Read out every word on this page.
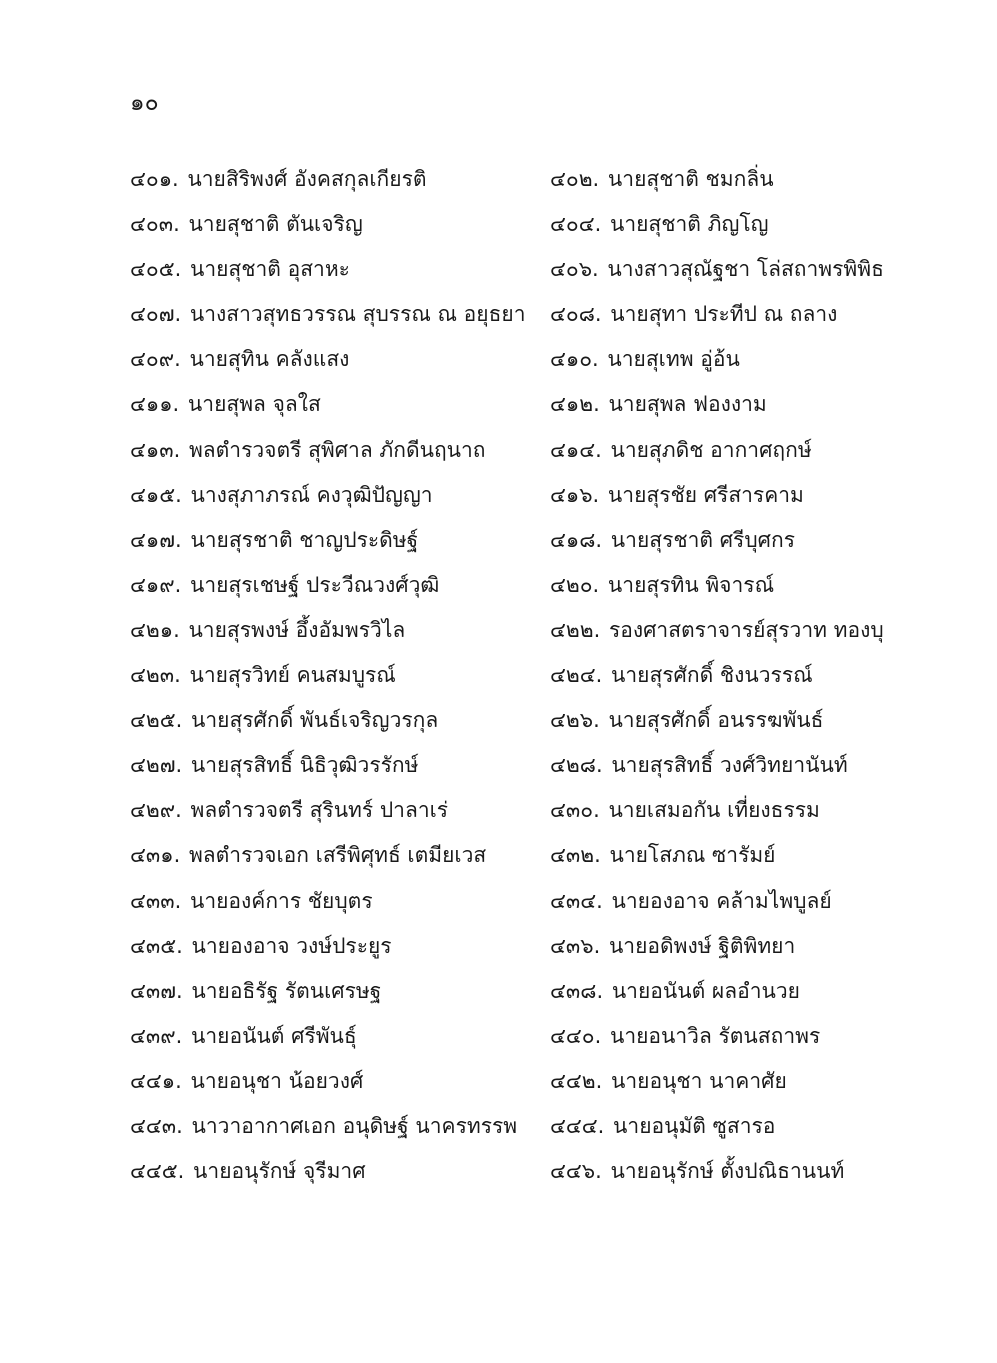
๑๐
๔๐๑. นายสิริพงศ์ อังคสกุลเกียรติ	๔๐๒. นายสุชาติ ชมกลิ่น
๔๐๓. นายสุชาติ ตันเจริญ	๔๐๔. นายสุชาติ ภิญโญ
๔๐๕. นายสุชาติ อุสาหะ	๔๐๖. นางสาวสุณัฐชา โล่สถาพรพิพิธ
๔๐๗. นางสาวสุทธวรรณ สุบรรณ ณ อยุธยา	๔๐๘. นายสุทา ประทีป ณ ถลาง
๔๐๙. นายสุทิน คลังแสง	๔๑๐. นายสุเทพ อู่อ้น
๔๑๑. นายสุพล จุลใส	๔๑๒. นายสุพล ฟองงาม
๔๑๓. พลตำรวจตรี สุพิศาล ภักดีนฤนาถ	๔๑๔. นายสุภดิช อากาศฤกษ์
๔๑๕. นางสุภาภรณ์ คงวุฒิปัญญา	๔๑๖. นายสุรชัย ศรีสารคาม
๔๑๗. นายสุรชาติ ชาญประดิษฐ์	๔๑๘. นายสุรชาติ ศรีบุศกร
๔๑๙. นายสุรเชษฐ์ ประวีณวงศ์วุฒิ	๔๒๐. นายสุรทิน พิจารณ์
๔๒๑. นายสุรพงษ์ อึ้งอัมพรวิไล	๔๒๒. รองศาสตราจารย์สุรวาท ทองบุ
๔๒๓. นายสุรวิทย์ คนสมบูรณ์	๔๒๔. นายสุรศักดิ์ ชิงนวรรณ์
๔๒๕. นายสุรศักดิ์ พันธ์เจริญวรกุล	๔๒๖. นายสุรศักดิ์ อนรรฆพันธ์
๔๒๗. นายสุรสิทธิ์ นิธิวุฒิวรรักษ์	๔๒๘. นายสุรสิทธิ์ วงศ์วิทยานันท์
๔๒๙. พลตำรวจตรี สุรินทร์ ปาลาเร่	๔๓๐. นายเสมอกัน เที่ยงธรรม
๔๓๑. พลตำรวจเอก เสรีพิศุทธ์ เตมียเวส	๔๓๒. นายโสภณ ซารัมย์
๔๓๓. นายองค์การ ชัยบุตร	๔๓๔. นายองอาจ คล้ามไพบูลย์
๔๓๕. นายองอาจ วงษ์ประยูร	๔๓๖. นายอดิพงษ์ ฐิติพิทยา
๔๓๗. นายอธิรัฐ รัตนเศรษฐ	๔๓๘. นายอนันต์ ผลอำนวย
๔๓๙. นายอนันต์ ศรีพันธุ์	๔๔๐. นายอนาวิล รัตนสถาพร
๔๔๑. นายอนุชา น้อยวงศ์	๔๔๒. นายอนุชา นาคาศัย
๔๔๓. นาวาอากาศเอก อนุดิษฐ์ นาครทรรพ	๔๔๔. นายอนุมัติ ซูสารอ
๔๔๕. นายอนุรักษ์ จุรีมาศ	๔๔๖. นายอนุรักษ์ ตั้งปณิธานนท์
